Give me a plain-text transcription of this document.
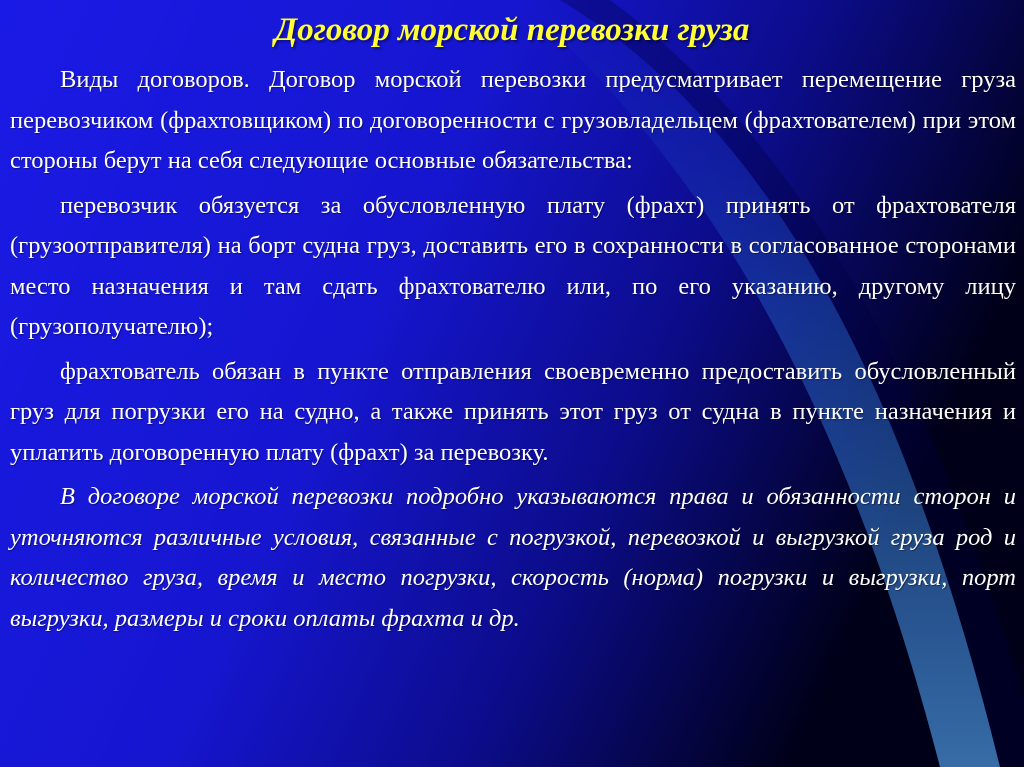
Договор морской перевозки груза

Виды договоров. Договор морской перевозки предусматривает перемещение груза перевозчиком (фрахтовщиком) по договоренности с грузовладельцем (фрахтователем) при этом стороны берут на себя следующие основные обязательства:

перевозчик обязуется за обусловленную плату (фрахт) принять от фрахтователя (грузоотправителя) на борт судна груз, доставить его в сохранности в согласованное сторонами место назначения и там сдать фрахтователю или, по его указанию, другому лицу (грузополучателю);

фрахтователь обязан в пункте отправления своевременно предоставить обусловленный груз для погрузки его на судно, а также принять этот груз от судна в пункте назначения и уплатить договоренную плату (фрахт) за перевозку.

В договоре морской перевозки подробно указываются права и обязанности сторон и уточняются различные условия, связанные с погрузкой, перевозкой и выгрузкой груза род и количество груза, время и место погрузки, скорость (норма) погрузки и выгрузки, порт выгрузки, размеры и сроки оплаты фрахта и др.
